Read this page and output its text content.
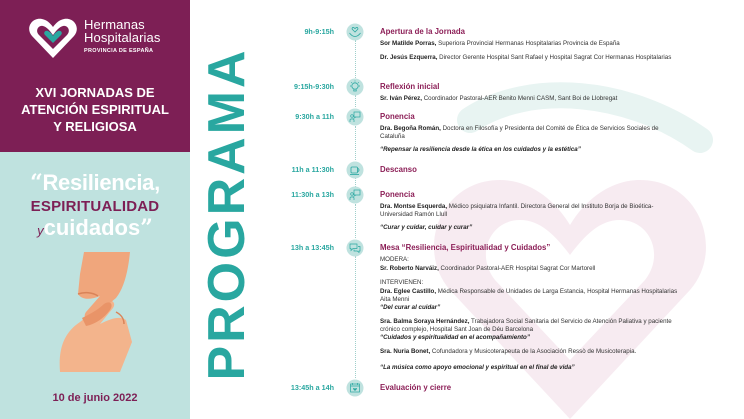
Hermanas
Hospitalarias
PROVINCIA DE ESPAÑA
XVI JORNADAS DE
ATENCIÓN ESPIRITUAL
Y RELIGIOSA
“Resiliencia,
ESPIRITUALIDAD
ycuidados”
10 de junio 2022
PROGRAMA
9h-9:15h	Apertura de la Jornada
Sor Matilde Porras, Superiora Provincial Hermanas Hospitalarias Provincia de España
Dr. Jesús Ezquerra, Director Gerente Hospital Sant Rafael y Hospital Sagrat Cor Hermanas Hospitalarias
9:15h-9:30h	Reflexión inicial
Sr. Iván Pérez, Coordinador Pastoral-AER Benito Menni CASM, Sant Boi de Llobregat
9:30h a 11h	Ponencia
Dra. Begoña Román, Doctora en Filosofía y Presidenta del Comité de Ética de Servicios Sociales de Cataluña
“Repensar la resiliencia desde la ética en los cuidados y la estética”
11h a 11:30h	Descanso
11:30h a 13h	Ponencia
Dra. Montse Esquerda, Médico psiquiatra Infantil. Directora General del Instituto Borja de Bioética-Universidad Ramón Llull
“Curar y cuidar, cuidar y curar”
13h a 13:45h	Mesa “Resiliencia, Espiritualidad y Cuidados”
MODERA:
Sr. Roberto Narváiz, Coordinador Pastoral-AER Hospital Sagrat Cor Martorell
INTERVIENEN:
Dra. Eglee Castillo, Médica Responsable de Unidades de Larga Estancia, Hospital Hermanas Hospitalarias Aita Menni
“Del curar al cuidar”
Sra. Balma Soraya Hernández, Trabajadora Social Sanitaria del Servicio de Atención Paliativa y paciente crónico complejo, Hospital Sant Joan de Déu Barcelona
“Cuidados y espiritualidad en el acompañamiento”
Sra. Nuria Bonet, Cofundadora y Musicoterapeuta de la Asociación Ressò de Musicoterapia.
“La música como apoyo emocional y espiritual en el final de vida”
13:45h a 14h	Evaluación y cierre
